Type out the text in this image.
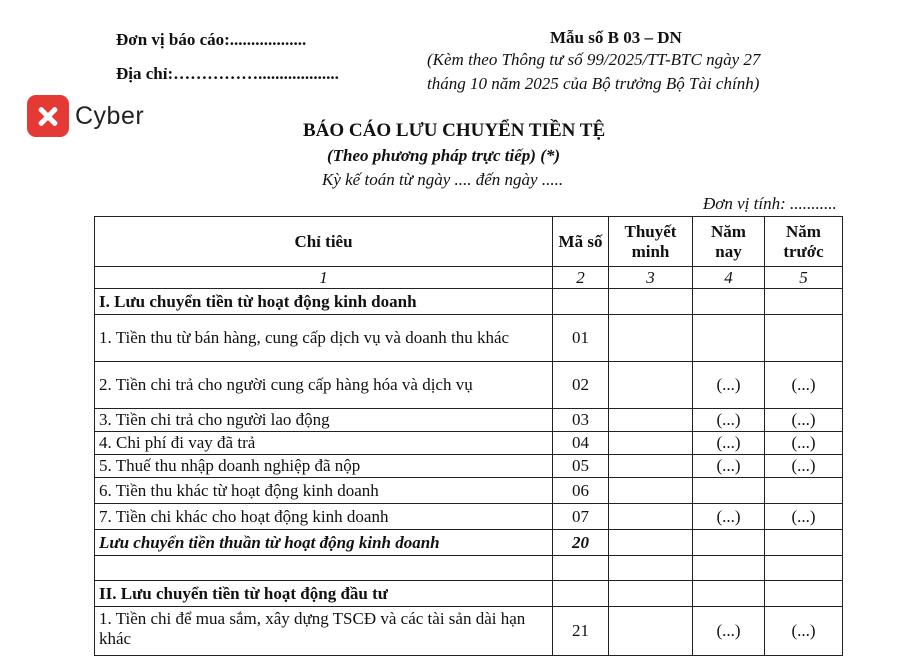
Đơn vị báo cáo:..................
Địa chỉ:……………...................
Mẫu số B 03 – DN
(Kèm theo Thông tư số 99/2025/TT-BTC ngày 27
tháng 10 năm 2025 của Bộ trưởng Bộ Tài chính)
Cyber
BÁO CÁO LƯU CHUYỂN TIỀN TỆ
(Theo phương pháp trực tiếp) (*)
Kỳ kế toán từ ngày .... đến ngày .....
Đơn vị tính: ...........
Chỉ tiêu	Mã số	Thuyết minh	Năm nay	Năm trước
1	2	3	4	5
I. Lưu chuyển tiền từ hoạt động kinh doanh				
1. Tiền thu từ bán hàng, cung cấp dịch vụ và doanh thu khác	01			
2. Tiền chi trả cho người cung cấp hàng hóa và dịch vụ	02		(...)	(...)
3. Tiền chi trả cho người lao động	03		(...)	(...)
4. Chi phí đi vay đã trả	04		(...)	(...)
5. Thuế thu nhập doanh nghiệp đã nộp	05		(...)	(...)
6. Tiền thu khác từ hoạt động kinh doanh	06			
7. Tiền chi khác cho hoạt động kinh doanh	07		(...)	(...)
Lưu chuyển tiền thuần từ hoạt động kinh doanh	20			

II. Lưu chuyển tiền từ hoạt động đầu tư				
1. Tiền chi để mua sắm, xây dựng TSCĐ và các tài sản dài hạn khác	21		(...)	(...)
